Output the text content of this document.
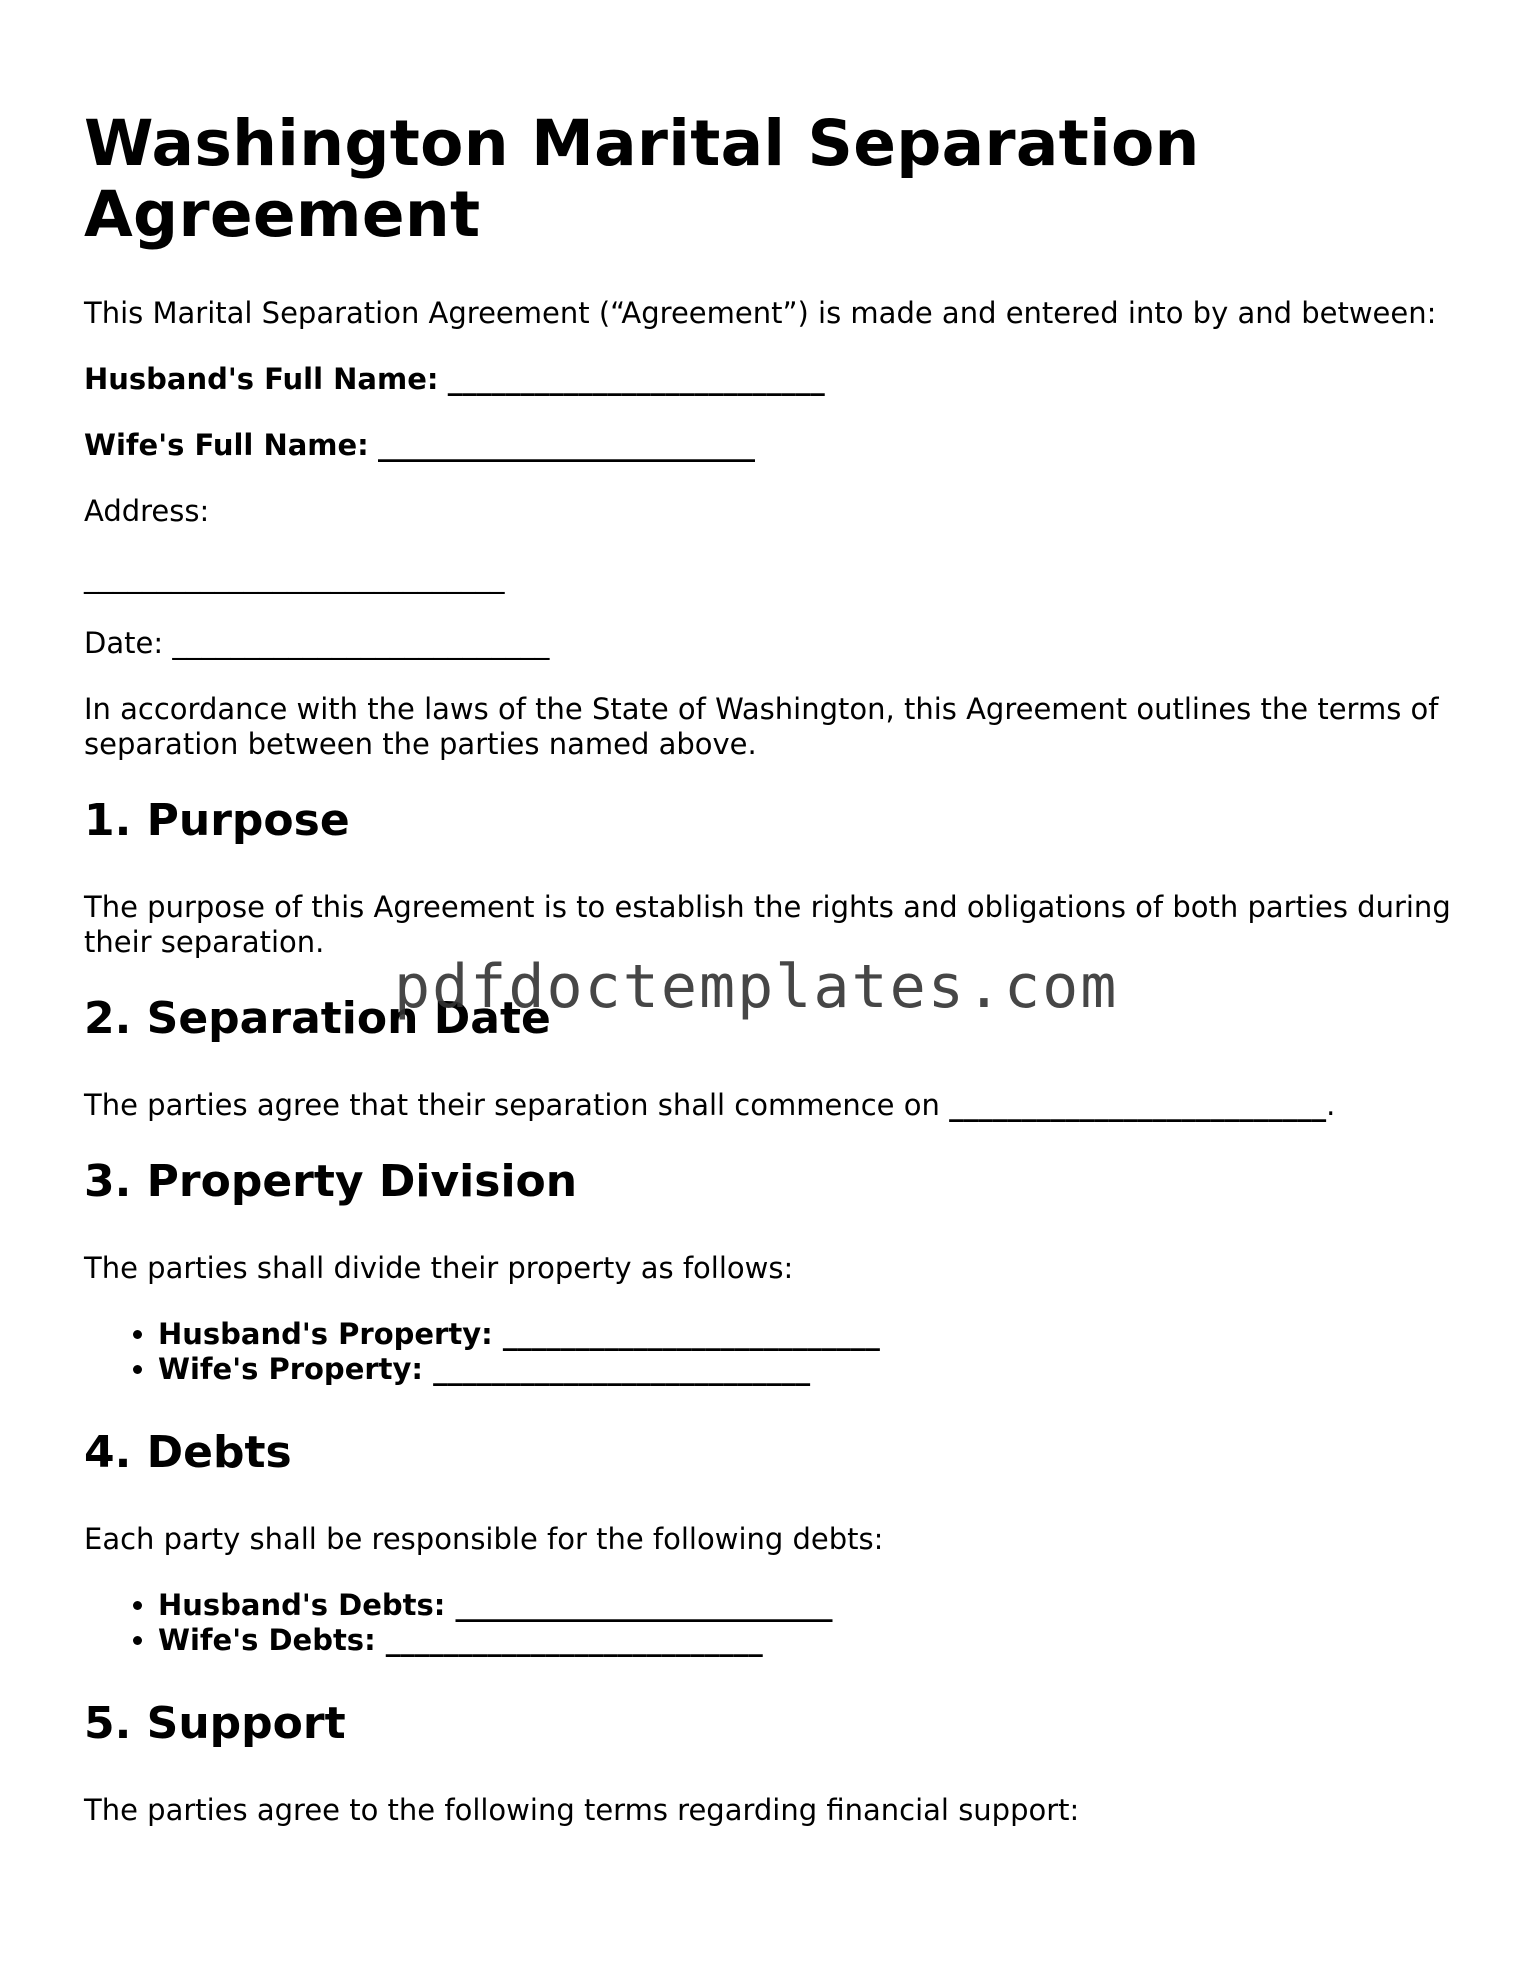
Washington Marital Separation Agreement

This Marital Separation Agreement (“Agreement”) is made and entered into by and between:

Husband's Full Name: __________________________

Wife's Full Name: __________________________

Address:

_____________________________

Date: __________________________

In accordance with the laws of the State of Washington, this Agreement outlines the terms of separation between the parties named above.

1. Purpose

The purpose of this Agreement is to establish the rights and obligations of both parties during their separation.

2. Separation Date

The parties agree that their separation shall commence on __________________________.

3. Property Division

The parties shall divide their property as follows:

• Husband's Property: __________________________
• Wife's Property: __________________________
4. Debts

Each party shall be responsible for the following debts:

• Husband's Debts: __________________________
• Wife's Debts: __________________________
5. Support

The parties agree to the following terms regarding financial support:

pdfdoctemplates.com
